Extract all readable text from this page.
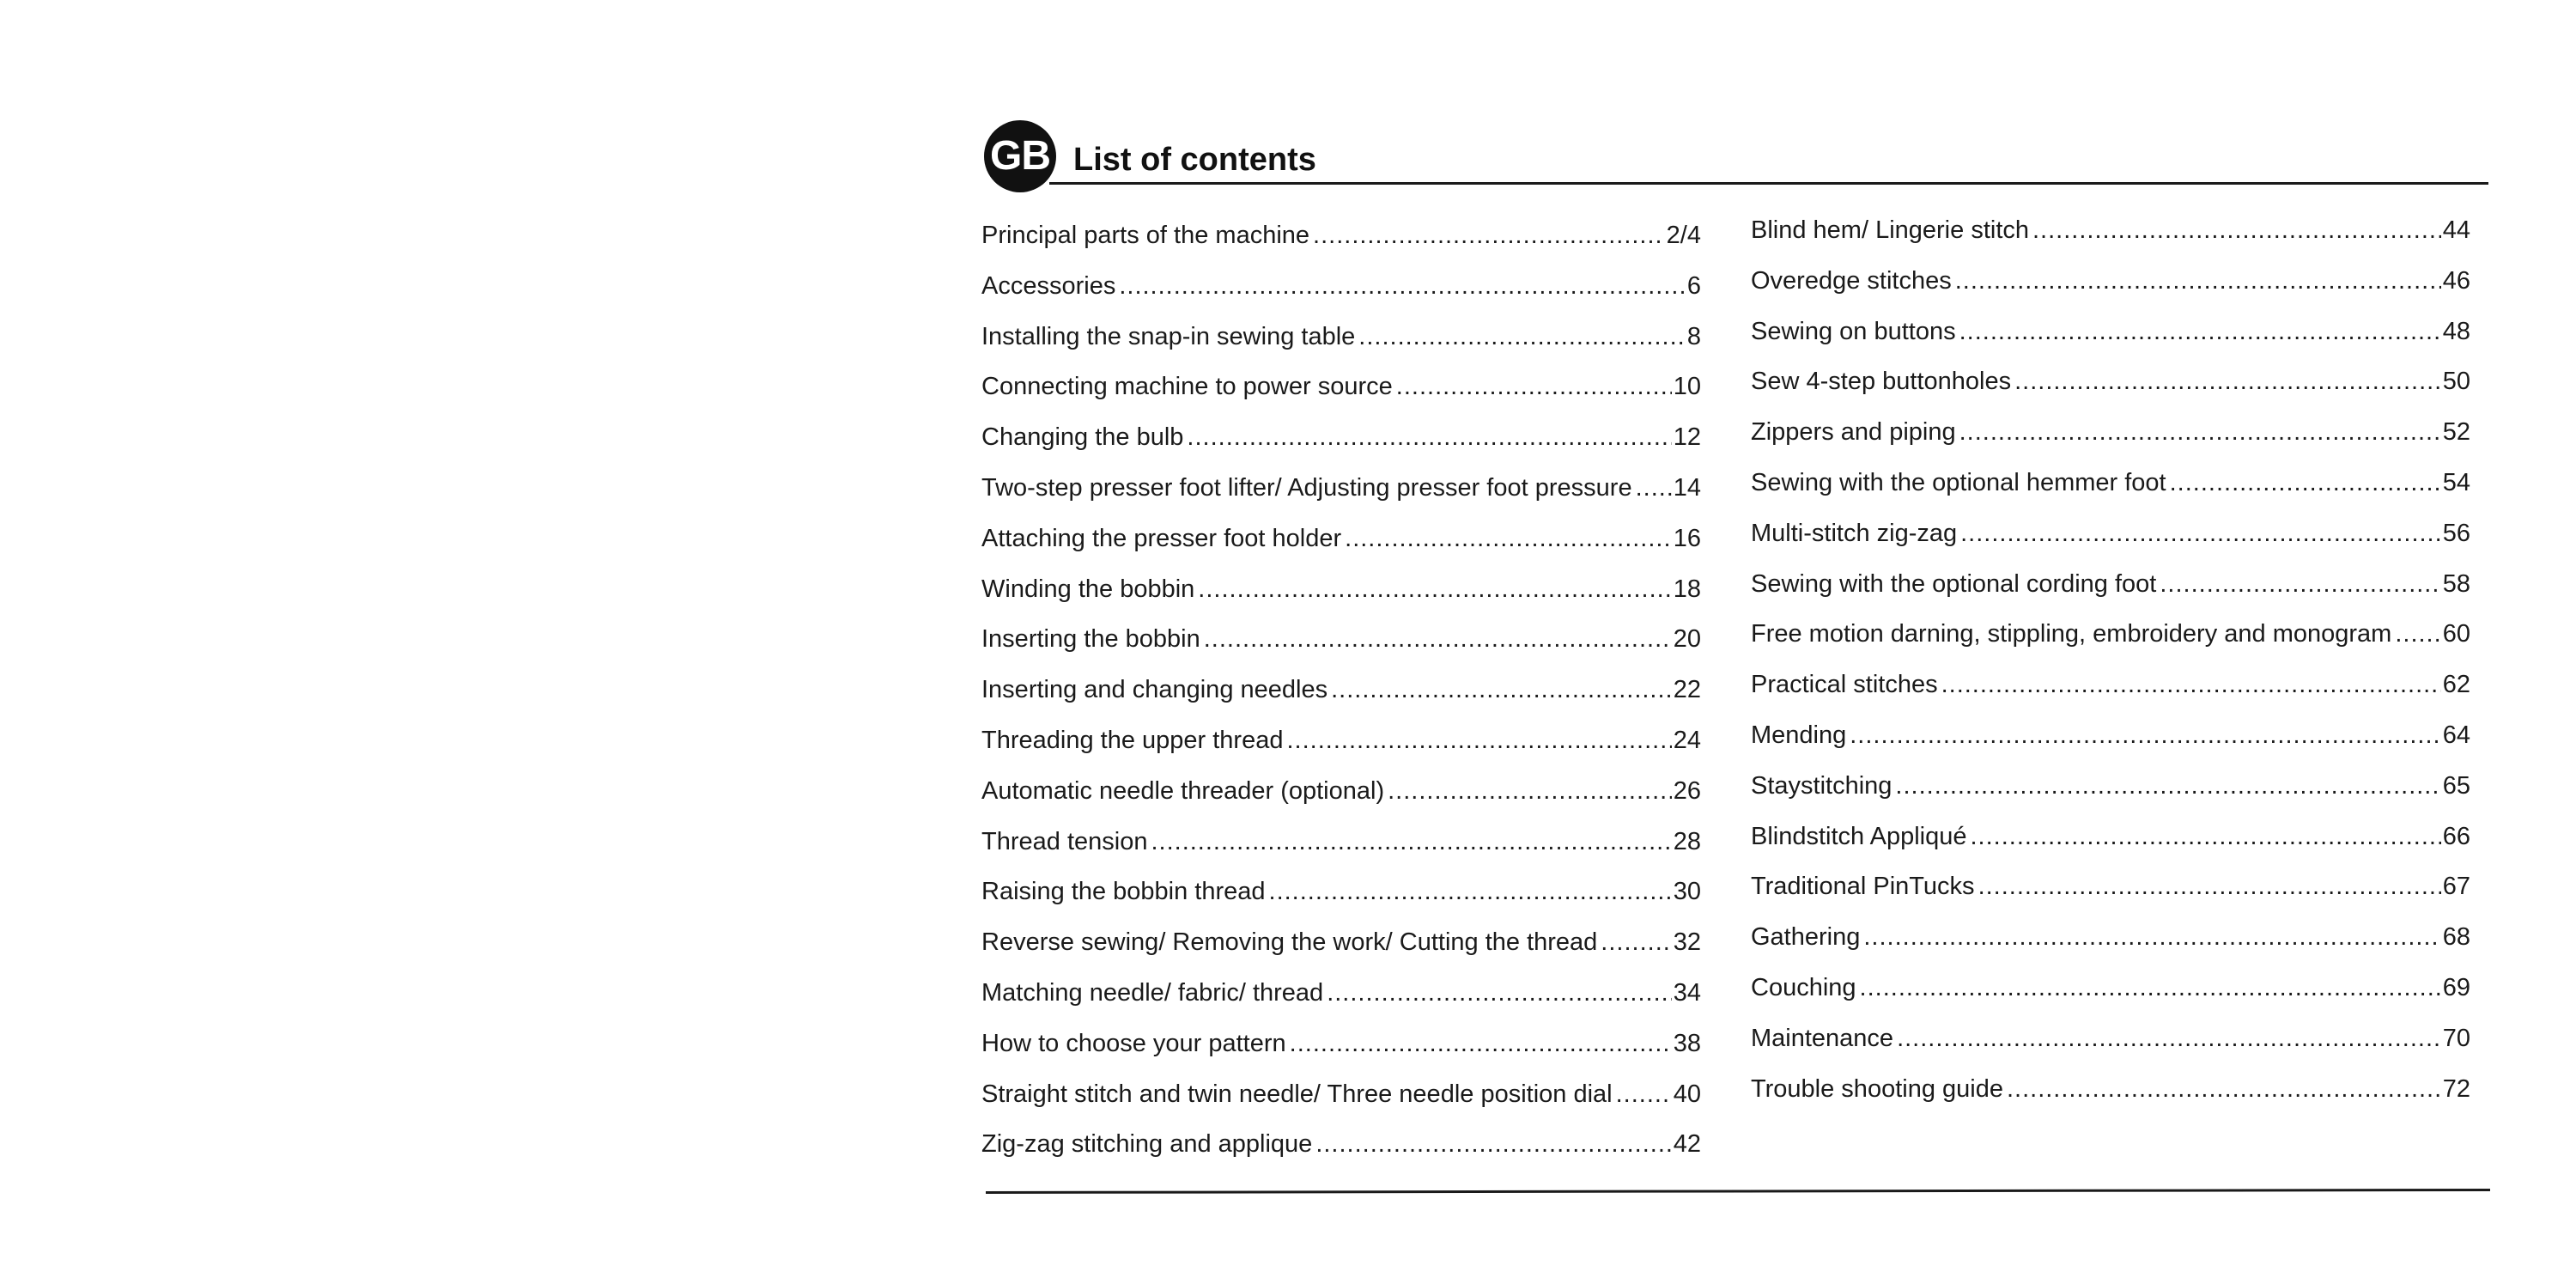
GB List of contents
Principal parts of the machine .....	2/4
Accessories .....	6
Installing the snap-in sewing table .....	8
Connecting machine to power source .....	10
Changing the bulb .....	12
Two-step presser foot lifter/ Adjusting presser foot pressure ..... 14
Attaching the presser foot holder .....	16
Winding the bobbin .....	18
Inserting the bobbin .....	20
Inserting and changing needles .....	22
Threading the upper thread .....	24
Automatic needle threader (optional) .....	26
Thread tension .....	28
Raising the bobbin thread .....	30
Reverse sewing/ Removing the work/ Cutting the thread .....	32
Matching needle/ fabric/ thread .....	34
How to choose your pattern .....	38
Straight stitch and twin needle/ Three needle position dial ..... 40
Zig-zag stitching and applique .....	42
Blind hem/ Lingerie stitch .....	44
Overedge stitches .....	46
Sewing on buttons .....	48
Sew 4-step buttonholes .....	50
Zippers and piping .....	52
Sewing with the optional hemmer foot .....	54
Multi-stitch zig-zag .....	56
Sewing with the optional cording foot .....	58
Free motion darning, stippling, embroidery and monogram ..... 60
Practical stitches .....	62
Mending .....	64
Staystitching .....	65
Blindstitch Appliqué .....	66
Traditional PinTucks .....	67
Gathering .....	68
Couching .....	69
Maintenance .....	70
Trouble shooting guide .....	72
